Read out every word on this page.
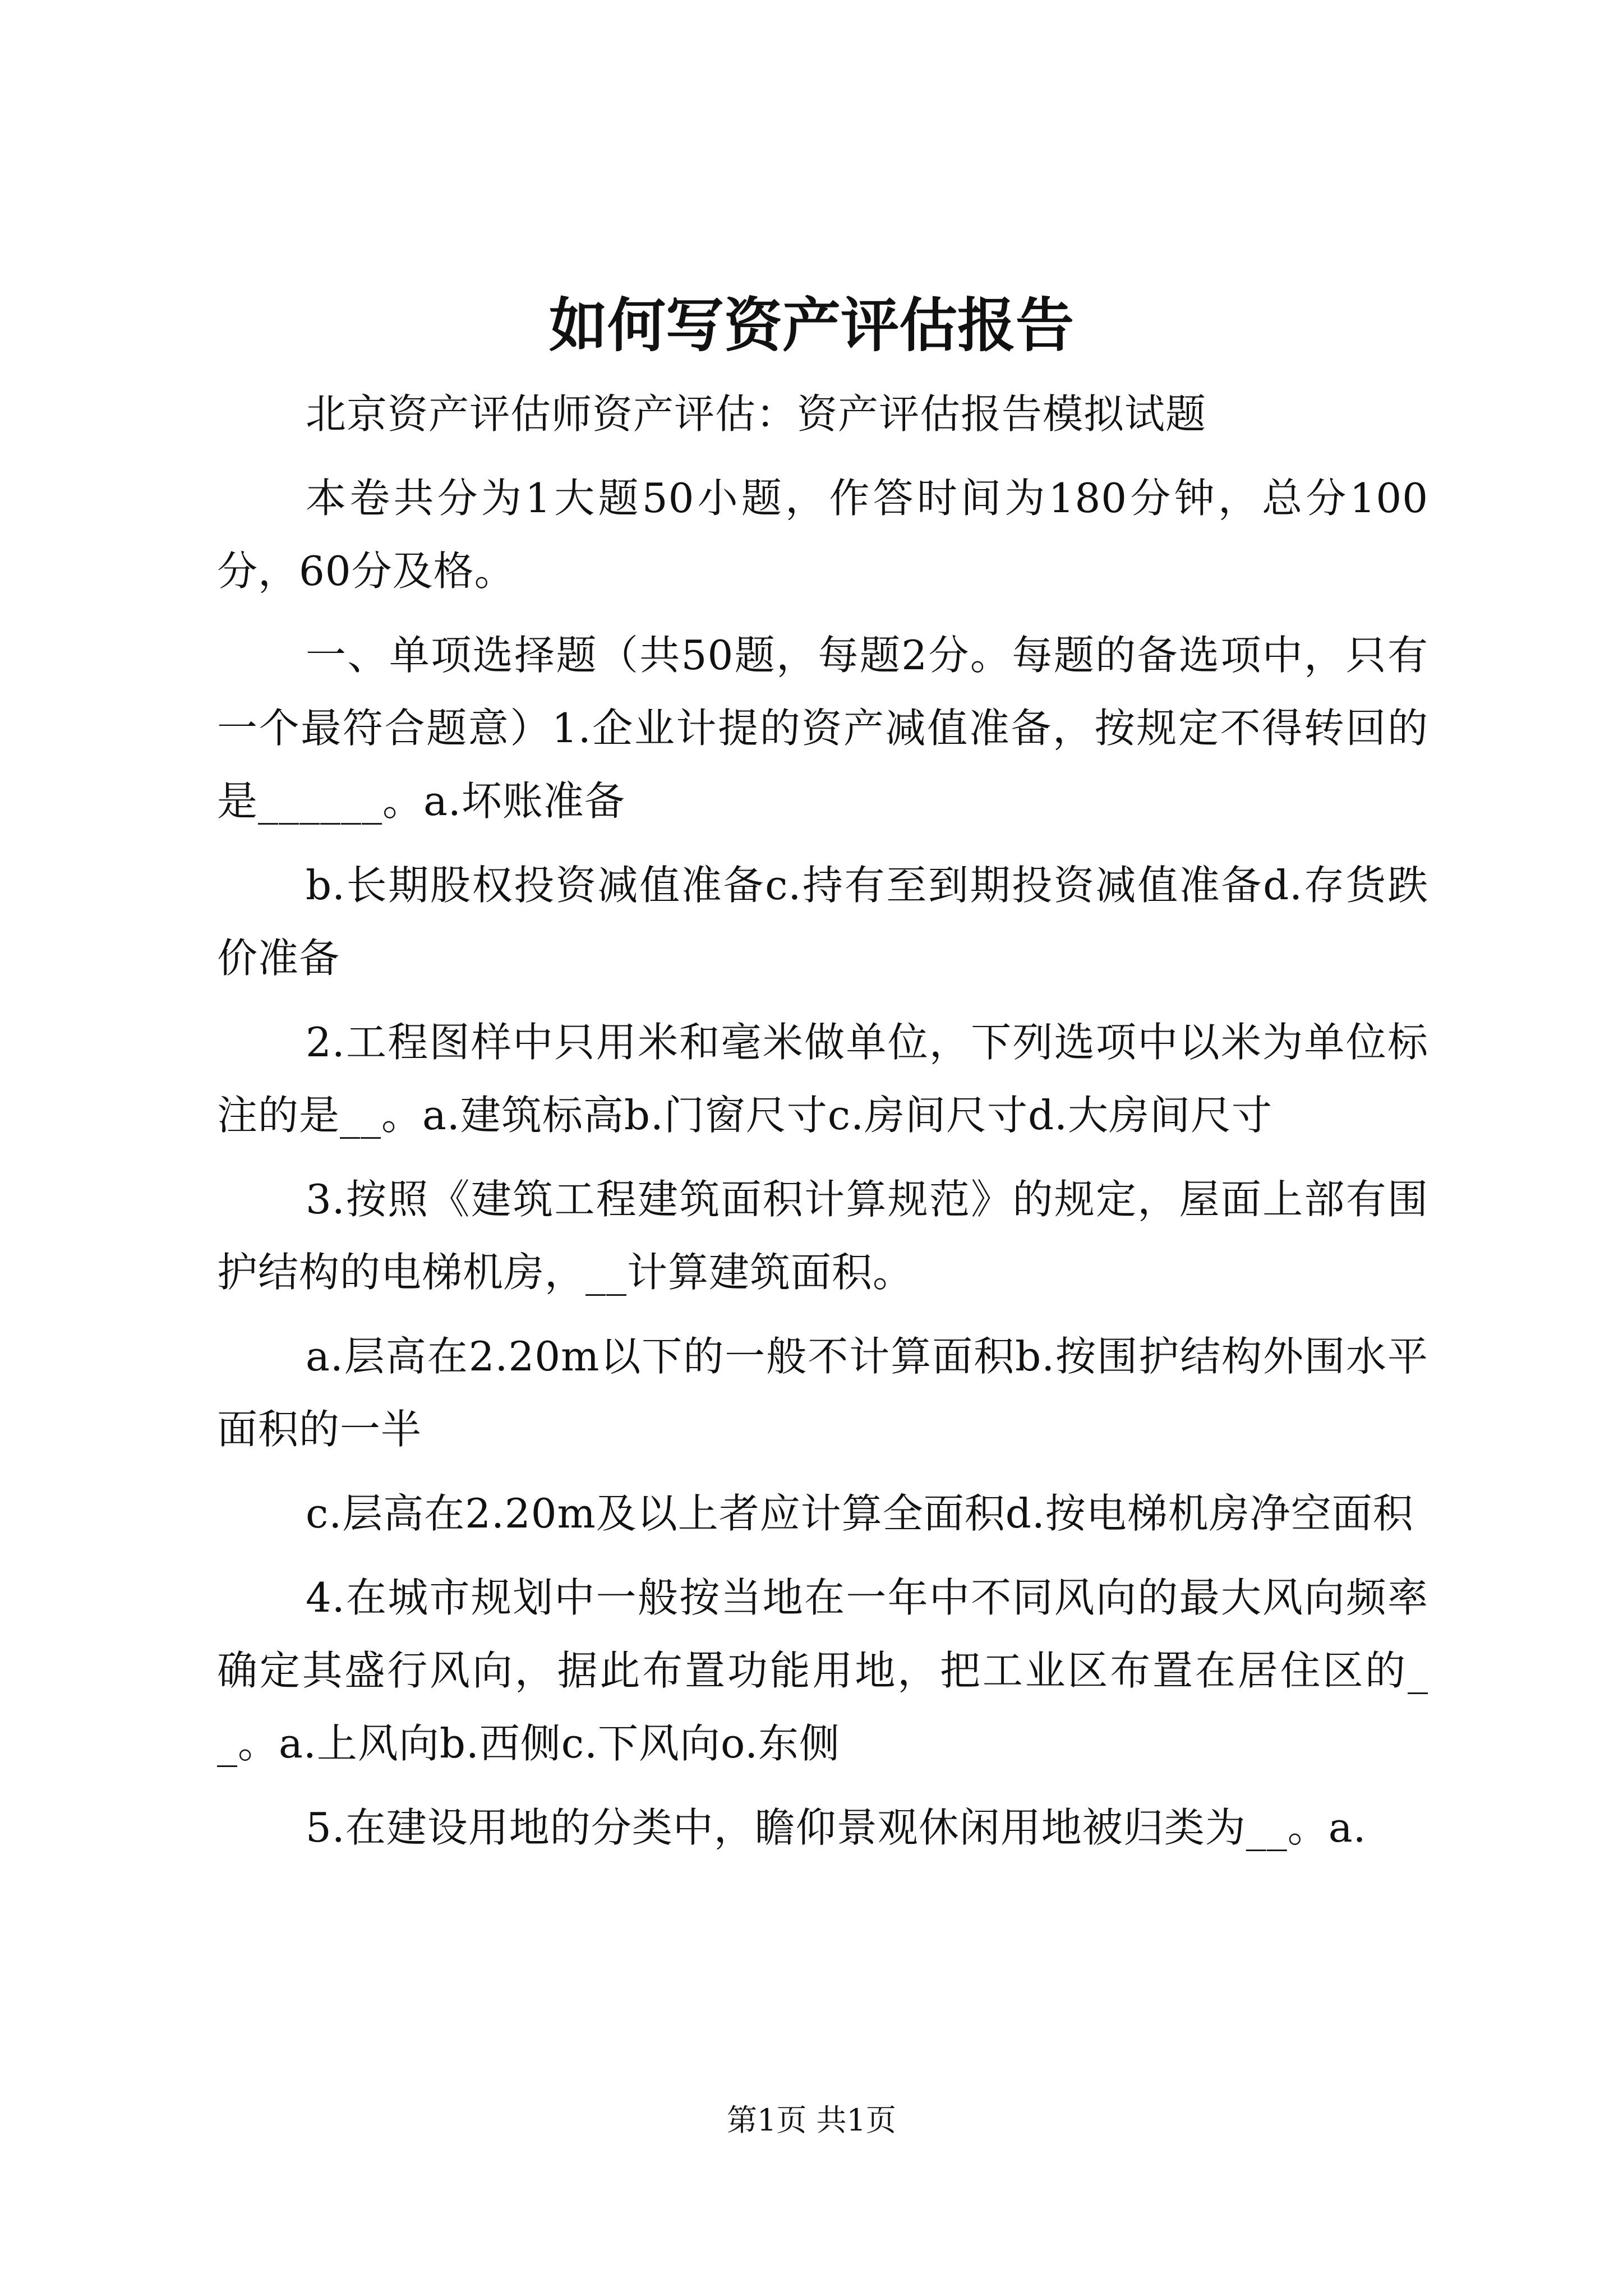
如何写资产评估报告

北京资产评估师资产评估：资产评估报告模拟试题

本卷共分为1大题50小题，作答时间为180分钟，总分100分，60分及格。

一、单项选择题（共50题，每题2分。每题的备选项中，只有一个最符合题意）1.企业计提的资产减值准备，按规定不得转回的是______。a.坏账准备

b.长期股权投资减值准备c.持有至到期投资减值准备d.存货跌价准备

2.工程图样中只用米和毫米做单位，下列选项中以米为单位标注的是__。a.建筑标高b.门窗尺寸c.房间尺寸d.大房间尺寸

3.按照《建筑工程建筑面积计算规范》的规定，屋面上部有围护结构的电梯机房，__计算建筑面积。

a.层高在2.20m以下的一般不计算面积b.按围护结构外围水平面积的一半

c.层高在2.20m及以上者应计算全面积d.按电梯机房净空面积

4.在城市规划中一般按当地在一年中不同风向的最大风向频率确定其盛行风向，据此布置功能用地，把工业区布置在居住区的__。a.上风向b.西侧c.下风向o.东侧

5.在建设用地的分类中，瞻仰景观休闲用地被归类为__。a.

第1页 共1页
